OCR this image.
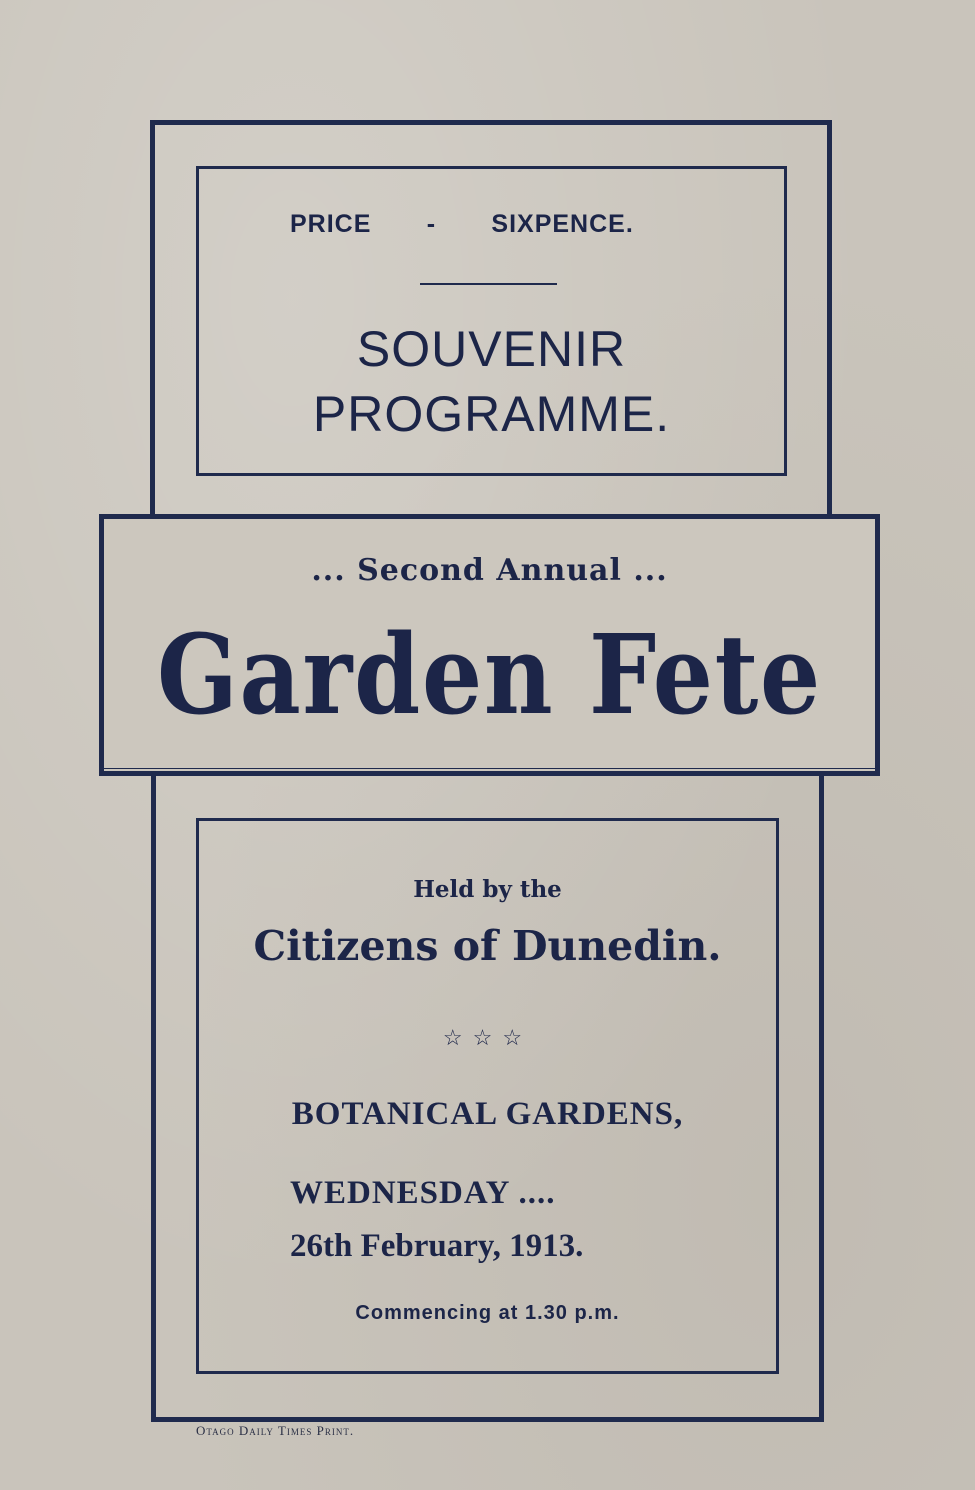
PRICE - SIXPENCE.

SOUVENIR

PROGRAMME.

... Second Annual ...

Garden Fete

Held by the

Citizens of Dunedin.

☆☆☆

BOTANICAL GARDENS,

WEDNESDAY ....

26th February, 1913.

Commencing at 1.30 p.m.

Otago Daily Times Print.
